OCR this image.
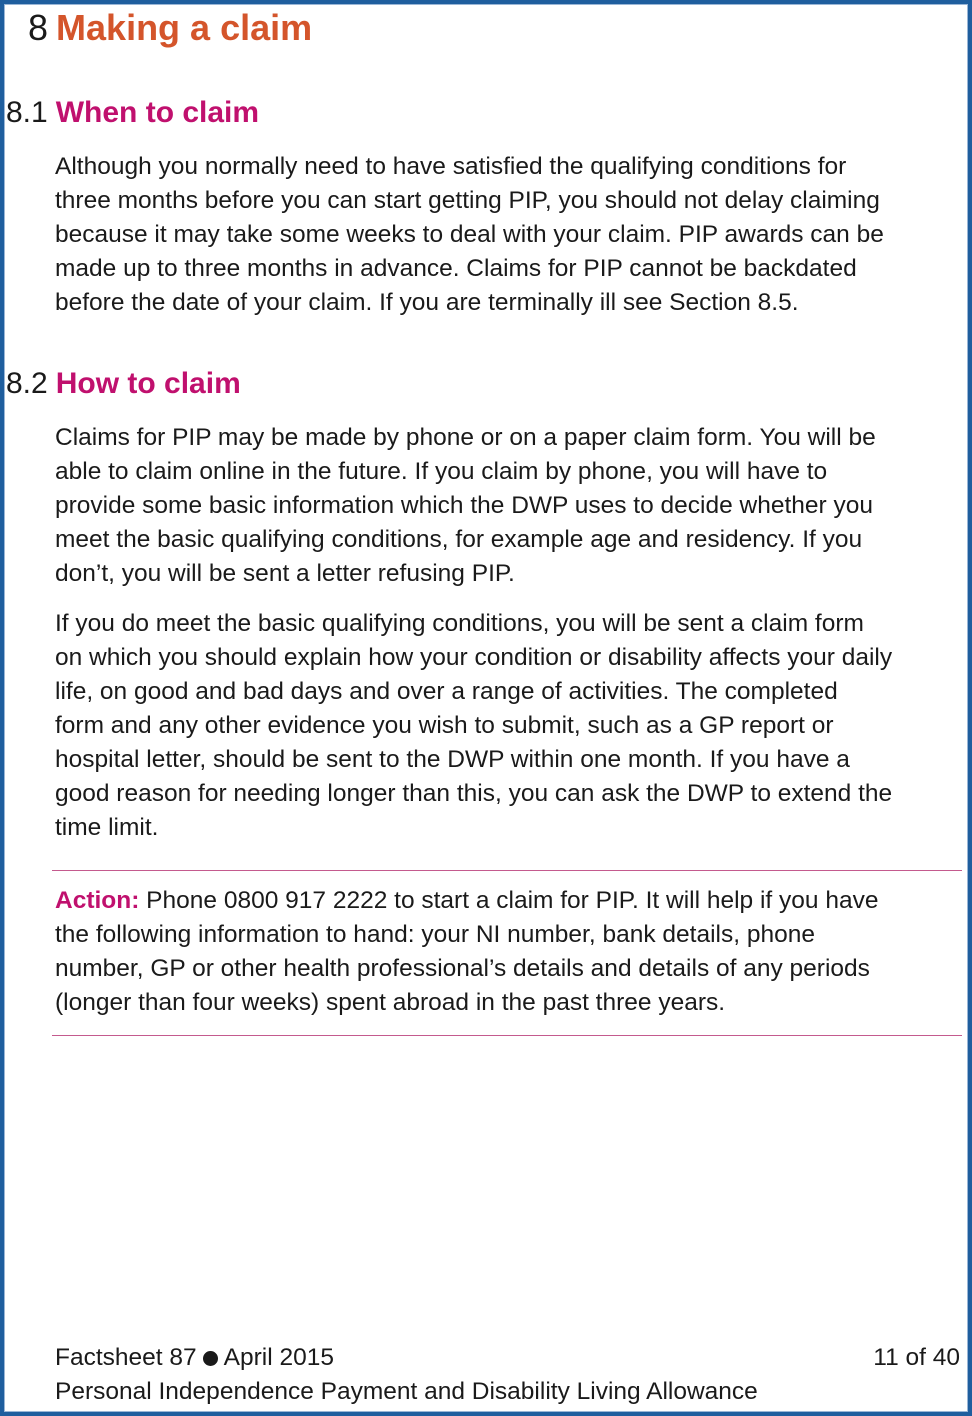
8 Making a claim
8.1 When to claim
Although you normally need to have satisfied the qualifying conditions for
three months before you can start getting PIP, you should not delay claiming
because it may take some weeks to deal with your claim. PIP awards can be
made up to three months in advance. Claims for PIP cannot be backdated
before the date of your claim. If you are terminally ill see Section 8.5.
8.2 How to claim
Claims for PIP may be made by phone or on a paper claim form. You will be
able to claim online in the future. If you claim by phone, you will have to
provide some basic information which the DWP uses to decide whether you
meet the basic qualifying conditions, for example age and residency. If you
don’t, you will be sent a letter refusing PIP.
If you do meet the basic qualifying conditions, you will be sent a claim form
on which you should explain how your condition or disability affects your daily
life, on good and bad days and over a range of activities. The completed
form and any other evidence you wish to submit, such as a GP report or
hospital letter, should be sent to the DWP within one month. If you have a
good reason for needing longer than this, you can ask the DWP to extend the
time limit.
Action: Phone 0800 917 2222 to start a claim for PIP. It will help if you have
the following information to hand: your NI number, bank details, phone
number, GP or other health professional’s details and details of any periods
(longer than four weeks) spent abroad in the past three years.
Factsheet 87 April 2015	11 of 40
Personal Independence Payment and Disability Living Allowance
